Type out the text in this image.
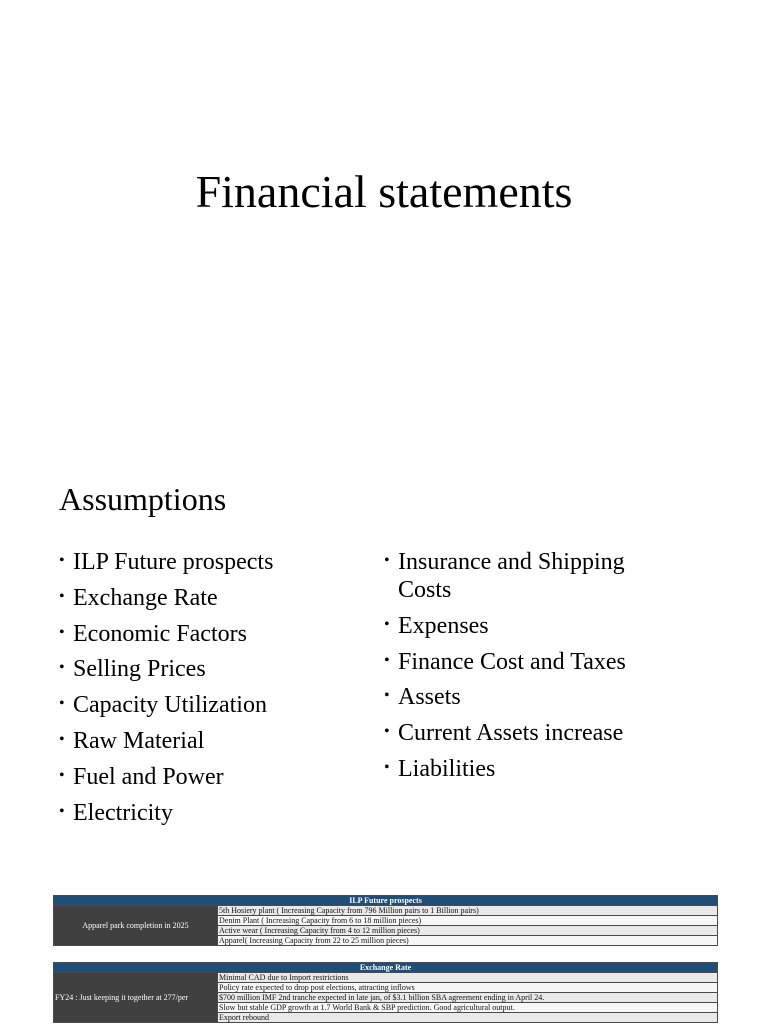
Financial statements
Assumptions
• ILP Future prospects
• Exchange Rate
• Economic Factors
• Selling Prices
• Capacity Utilization
• Raw Material
• Fuel and Power
• Electricity
• Insurance and Shipping Costs
• Expenses
• Finance Cost and Taxes
• Assets
• Current Assets increase
• Liabilities
ILP Future prospects
Apparel park completion in 2025	5th Hosiery plant ( Increasing Capacity from 796 Million pairs to 1 Billion pairs)
Denim Plant ( Increasing Capacity from 6 to 18 million pieces)
Active wear ( Increasing Capacity from 4 to 12 million pieces)
Apparel( Increasing Capacity from 22 to 25 million pieces)
Exchange Rate
FY24 : Just keeping it together at 277/per	Minimal CAD due to Import restrictions
Policy rate expected to drop post elections, attracting inflows
$700 million IMF 2nd tranche expected in late jan, of $3.1 billion SBA agreement ending in April 24.
Slow but stable GDP growth at 1.7 World Bank & SBP prediction. Good agricultural output.
Export rebound
